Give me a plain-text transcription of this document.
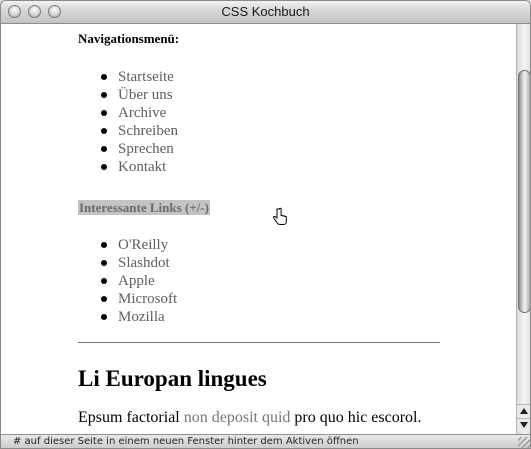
CSS Kochbuch
Navigationsmenü:
Startseite
Über uns
Archive
Schreiben
Sprechen
Kontakt
Interessante Links (+/-)
O'Reilly
Slashdot
Apple
Microsoft
Mozilla
Li Europan lingues
Epsum factorial non deposit quid pro quo hic escorol.
# auf dieser Seite in einem neuen Fenster hinter dem Aktiven öffnen
